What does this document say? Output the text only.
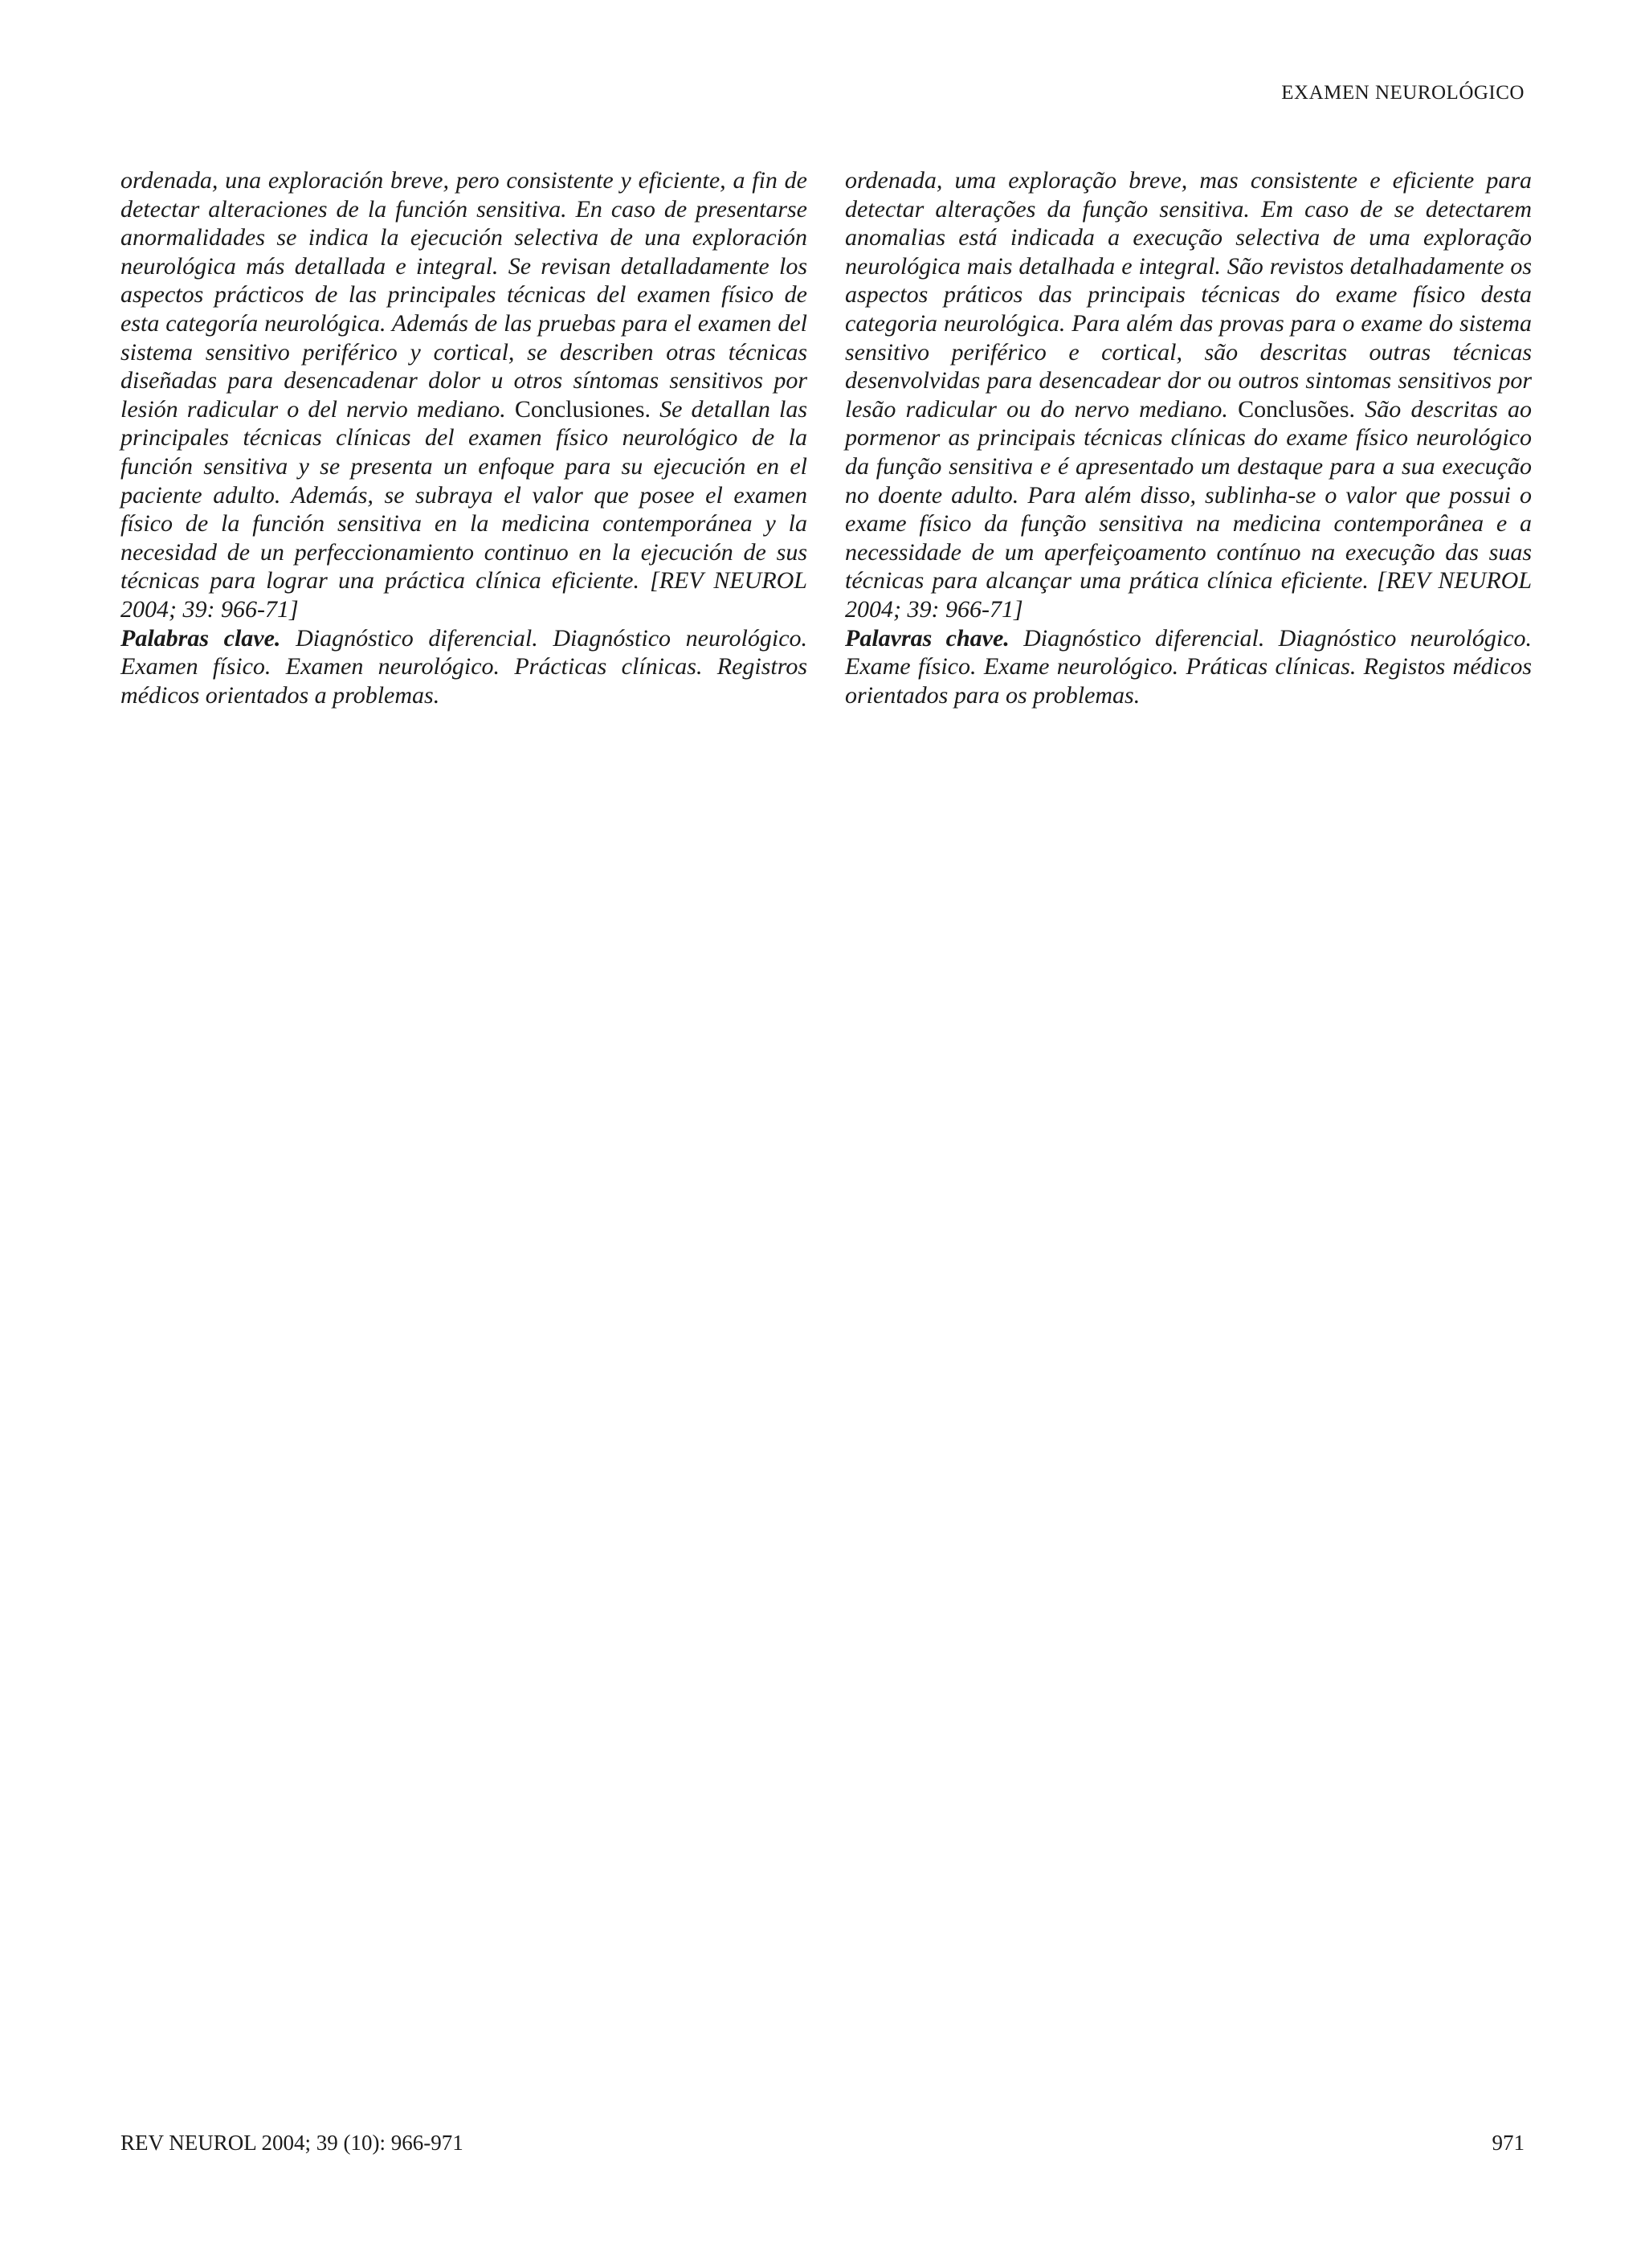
EXAMEN NEUROLÓGICO

ordenada, una exploración breve, pero consistente y eficiente, a fin de detectar alteraciones de la función sensitiva. En caso de presentarse anormalidades se indica la ejecución selectiva de una exploración neurológica más detallada e integral. Se revisan detalladamente los aspectos prácticos de las principales técnicas del examen físico de esta categoría neurológica. Además de las pruebas para el examen del sistema sensitivo periférico y cortical, se describen otras técnicas diseñadas para desencadenar dolor u otros síntomas sensitivos por lesión radicular o del nervio mediano. Conclusiones. Se detallan las principales técnicas clínicas del examen físico neurológico de la función sensitiva y se presenta un enfoque para su ejecución en el paciente adulto. Además, se subraya el valor que posee el examen físico de la función sensitiva en la medicina contemporánea y la necesidad de un perfeccionamiento continuo en la ejecución de sus técnicas para lograr una práctica clínica eficiente. [REV NEUROL 2004; 39: 966-71]

Palabras clave. Diagnóstico diferencial. Diagnóstico neurológico. Examen físico. Examen neurológico. Prácticas clínicas. Registros médicos orientados a problemas.

ordenada, uma exploração breve, mas consistente e eficiente para detectar alterações da função sensitiva. Em caso de se detectarem anomalias está indicada a execução selectiva de uma exploração neurológica mais detalhada e integral. São revistos detalhadamente os aspectos práticos das principais técnicas do exame físico desta categoria neurológica. Para além das provas para o exame do sistema sensitivo periférico e cortical, são descritas outras técnicas desenvolvidas para desencadear dor ou outros sintomas sensitivos por lesão radicular ou do nervo mediano. Conclusões. São descritas ao pormenor as principais técnicas clínicas do exame físico neurológico da função sensitiva e é apresentado um destaque para a sua execução no doente adulto. Para além disso, sublinha-se o valor que possui o exame físico da função sensitiva na medicina contemporânea e a necessidade de um aperfeiçoamento contínuo na execução das suas técnicas para alcançar uma prática clínica eficiente. [REV NEUROL 2004; 39: 966-71]

Palavras chave. Diagnóstico diferencial. Diagnóstico neurológico. Exame físico. Exame neurológico. Práticas clínicas. Registos médicos orientados para os problemas.

REV NEUROL 2004; 39 (10): 966-971	971
